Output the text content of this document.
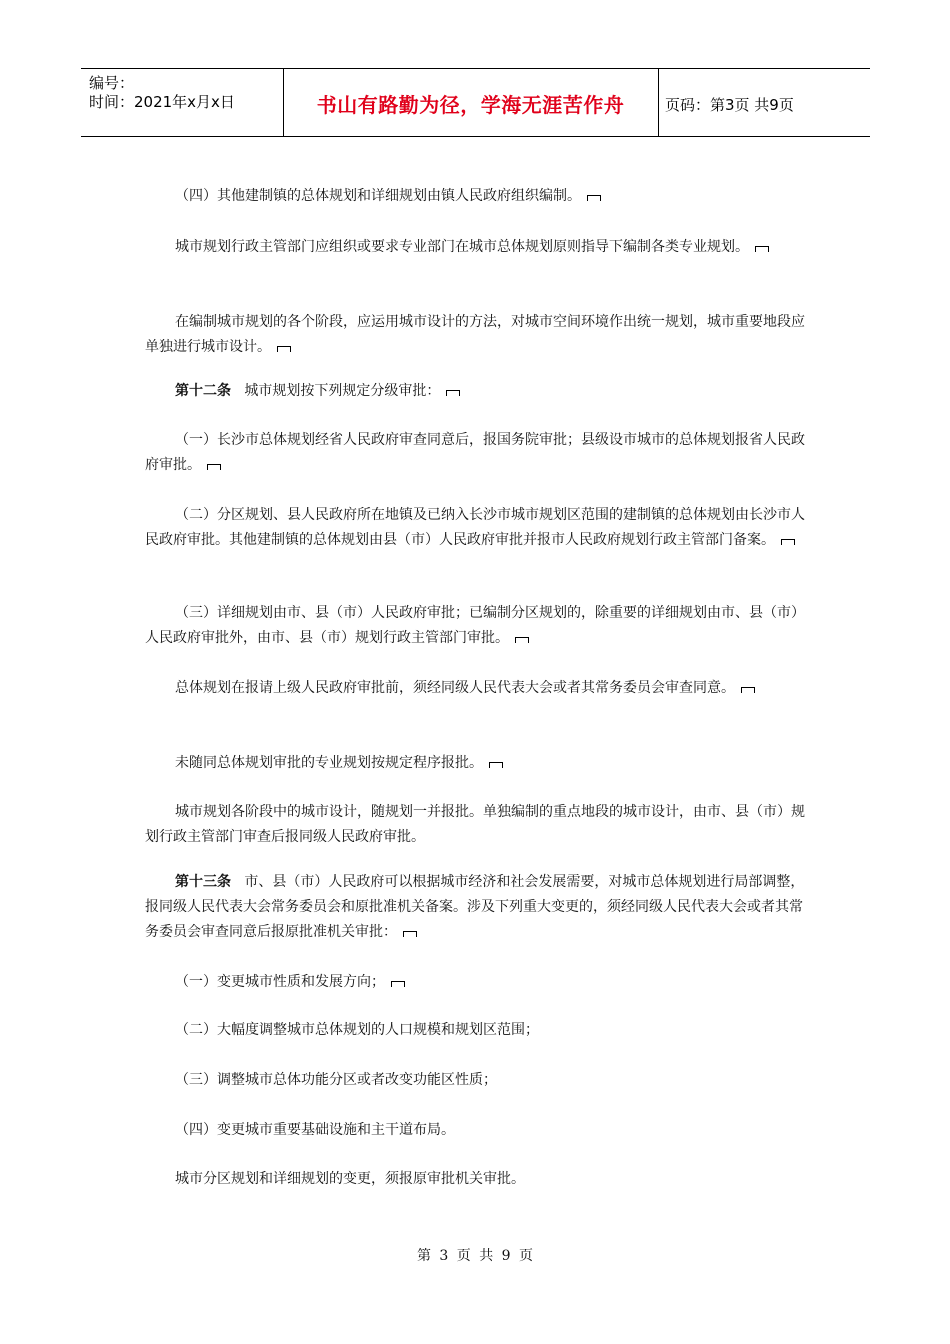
编号：
时间：2021年x月x日	书山有路勤为径，学海无涯苦作舟	页码：第3页 共9页
（四）其他建制镇的总体规划和详细规划由镇人民政府组织编制。
城市规划行政主管部门应组织或要求专业部门在城市总体规划原则指导下编制各类专业规划。
在编制城市规划的各个阶段，应运用城市设计的方法，对城市空间环境作出统一规划，城市重要地段应单独进行城市设计。
第十二条 城市规划按下列规定分级审批：
（一）长沙市总体规划经省人民政府审查同意后，报国务院审批；县级设市城市的总体规划报省人民政府审批。
（二）分区规划、县人民政府所在地镇及已纳入长沙市城市规划区范围的建制镇的总体规划由长沙市人民政府审批。其他建制镇的总体规划由县（市）人民政府审批并报市人民政府规划行政主管部门备案。
（三）详细规划由市、县（市）人民政府审批；已编制分区规划的，除重要的详细规划由市、县（市）人民政府审批外，由市、县（市）规划行政主管部门审批。
总体规划在报请上级人民政府审批前，须经同级人民代表大会或者其常务委员会审查同意。
未随同总体规划审批的专业规划按规定程序报批。
城市规划各阶段中的城市设计，随规划一并报批。单独编制的重点地段的城市设计，由市、县（市）规划行政主管部门审查后报同级人民政府审批。
第十三条 市、县（市）人民政府可以根据城市经济和社会发展需要，对城市总体规划进行局部调整，报同级人民代表大会常务委员会和原批准机关备案。涉及下列重大变更的，须经同级人民代表大会或者其常务委员会审查同意后报原批准机关审批：
（一）变更城市性质和发展方向；
（二）大幅度调整城市总体规划的人口规模和规划区范围；
（三）调整城市总体功能分区或者改变功能区性质；
（四）变更城市重要基础设施和主干道布局。
城市分区规划和详细规划的变更，须报原审批机关审批。
第 3 页 共 9 页
